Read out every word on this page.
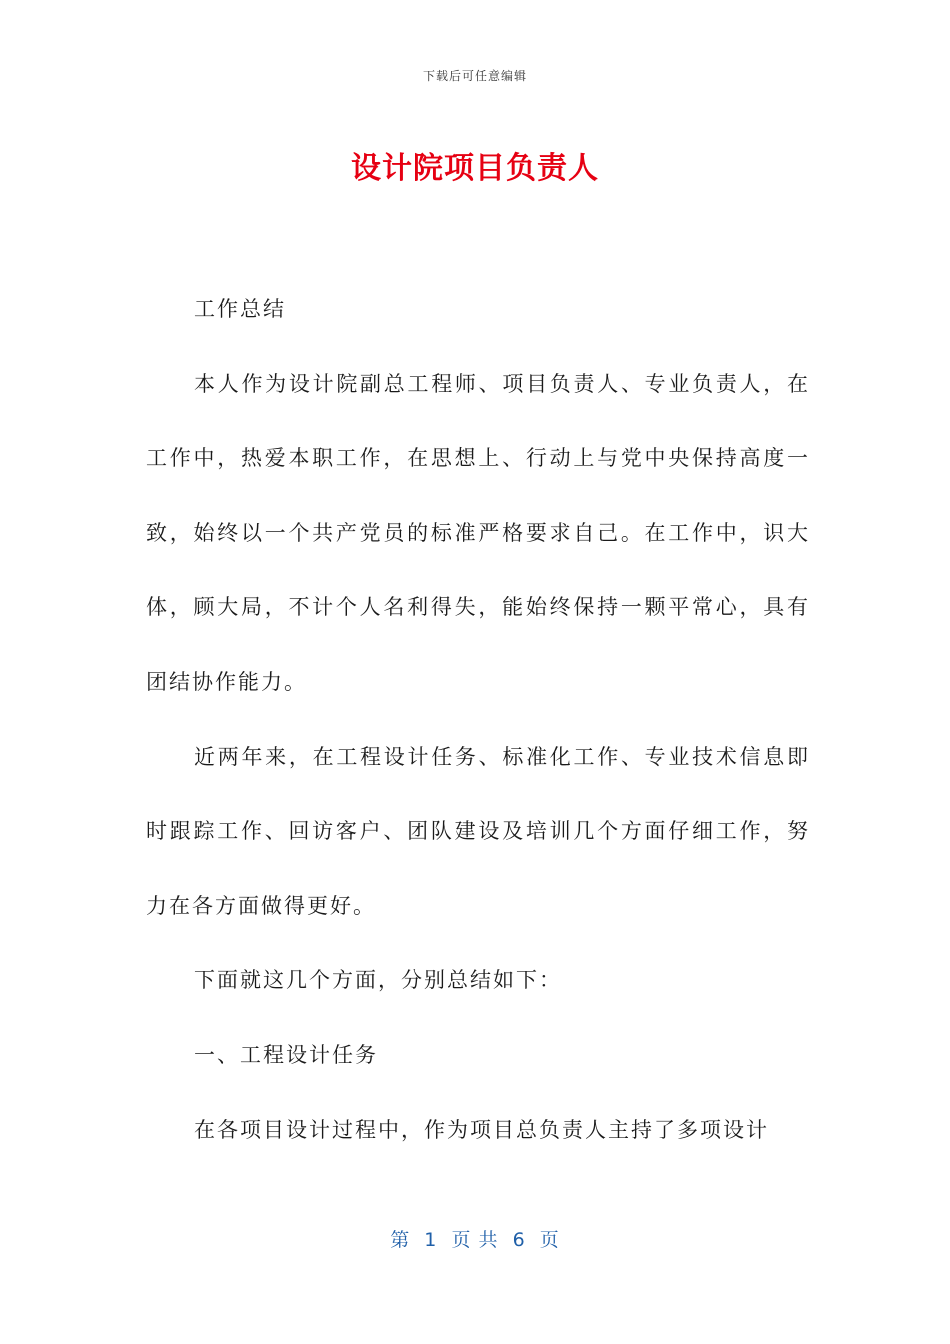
下载后可任意编辑
设计院项目负责人

工作总结

本人作为设计院副总工程师、项目负责人、专业负责人，在工作中，热爱本职工作，在思想上、行动上与党中央保持高度一致，始终以一个共产党员的标准严格要求自己。在工作中，识大体，顾大局，不计个人名利得失，能始终保持一颗平常心，具有团结协作能力。

近两年来，在工程设计任务、标准化工作、专业技术信息即时跟踪工作、回访客户、团队建设及培训几个方面仔细工作，努力在各方面做得更好。

下面就这几个方面，分别总结如下：

一、工程设计任务

在各项目设计过程中，作为项目总负责人主持了多项设计

第  1  页 共  6  页
